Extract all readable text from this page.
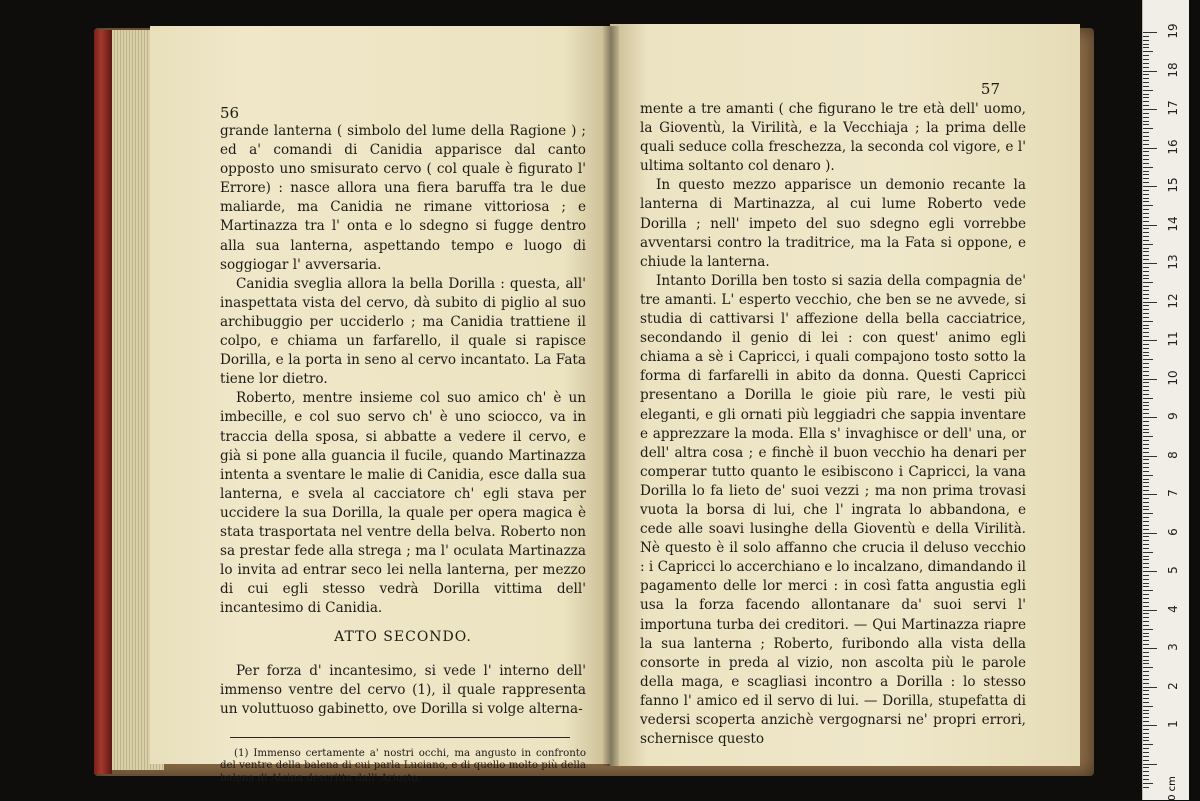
56

grande lanterna ( simbolo del lume della Ragione ) ; ed a' comandi di Canidia apparisce dal canto opposto uno smisurato cervo ( col quale è figurato l' Errore) : nasce allora una fiera baruffa tra le due maliarde, ma Canidia ne rimane vittoriosa ; e Martinazza tra l' onta e lo sdegno si fugge dentro alla sua lanterna, aspettando tempo e luogo di soggiogar l' avversaria.

Canidia sveglia allora la bella Dorilla : questa, all' inaspettata vista del cervo, dà subito di piglio al suo archibuggio per ucciderlo ; ma Canidia trattiene il colpo, e chiama un farfarello, il quale si rapisce Dorilla, e la porta in seno al cervo incantato. La Fata tiene lor dietro.

Roberto, mentre insieme col suo amico ch' è un imbecille, e col suo servo ch' è uno sciocco, va in traccia della sposa, si abbatte a vedere il cervo, e già si pone alla guancia il fucile, quando Martinazza intenta a sventare le malie di Canidia, esce dalla sua lanterna, e svela al cacciatore ch' egli stava per uccidere la sua Dorilla, la quale per opera magica è stata trasportata nel ventre della belva. Roberto non sa prestar fede alla strega ; ma l' oculata Martinazza lo invita ad entrar seco lei nella lanterna, per mezzo di cui egli stesso vedrà Dorilla vittima dell' incantesimo di Canidia.

ATTO SECONDO.

Per forza d' incantesimo, si vede l' interno dell' immenso ventre del cervo (1), il quale rappresenta un voluttuoso gabinetto, ove Dorilla si volge alterna-

(1) Immenso certamente a' nostri occhi, ma angusto in confronto del ventre della balena di cui parla Luciano, e di quello molto più della balena di Alcina descritta dall' Ariosto.

57

mente a tre amanti ( che figurano le tre età dell' uomo, la Gioventù, la Virilità, e la Vecchiaja ; la prima delle quali seduce colla freschezza, la seconda col vigore, e l' ultima soltanto col denaro ).

In questo mezzo apparisce un demonio recante la lanterna di Martinazza, al cui lume Roberto vede Dorilla ; nell' impeto del suo sdegno egli vorrebbe avventarsi contro la traditrice, ma la Fata si oppone, e chiude la lanterna.

Intanto Dorilla ben tosto si sazia della compagnia de' tre amanti. L' esperto vecchio, che ben se ne avvede, si studia di cattivarsi l' affezione della bella cacciatrice, secondando il genio di lei : con quest' animo egli chiama a sè i Capricci, i quali compajono tosto sotto la forma di farfarelli in abito da donna. Questi Capricci presentano a Dorilla le gioie più rare, le vesti più eleganti, e gli ornati più leggiadri che sappia inventare e apprezzare la moda. Ella s' invaghisce or dell' una, or dell' altra cosa ; e finchè il buon vecchio ha denari per comperar tutto quanto le esibiscono i Capricci, la vana Dorilla lo fa lieto de' suoi vezzi ; ma non prima trovasi vuota la borsa di lui, che l' ingrata lo abbandona, e cede alle soavi lusinghe della Gioventù e della Virilità. Nè questo è il solo affanno che crucia il deluso vecchio : i Capricci lo accerchiano e lo incalzano, dimandando il pagamento delle lor merci : in così fatta angustia egli usa la forza facendo allontanare da' suoi servi l' importuna turba dei creditori. — Qui Martinazza riapre la sua lanterna ; Roberto, furibondo alla vista della consorte in preda al vizio, non ascolta più le parole della maga, e scagliasi incontro a Dorilla : lo stesso fanno l' amico ed il servo di lui. — Dorilla, stupefatta di vedersi scoperta anzichè vergognarsi ne' propri errori, schernisce questo

0 cm
19
18
17
16
15
14
13
12
11
10
9
8
7
6
5
4
3
2
1
